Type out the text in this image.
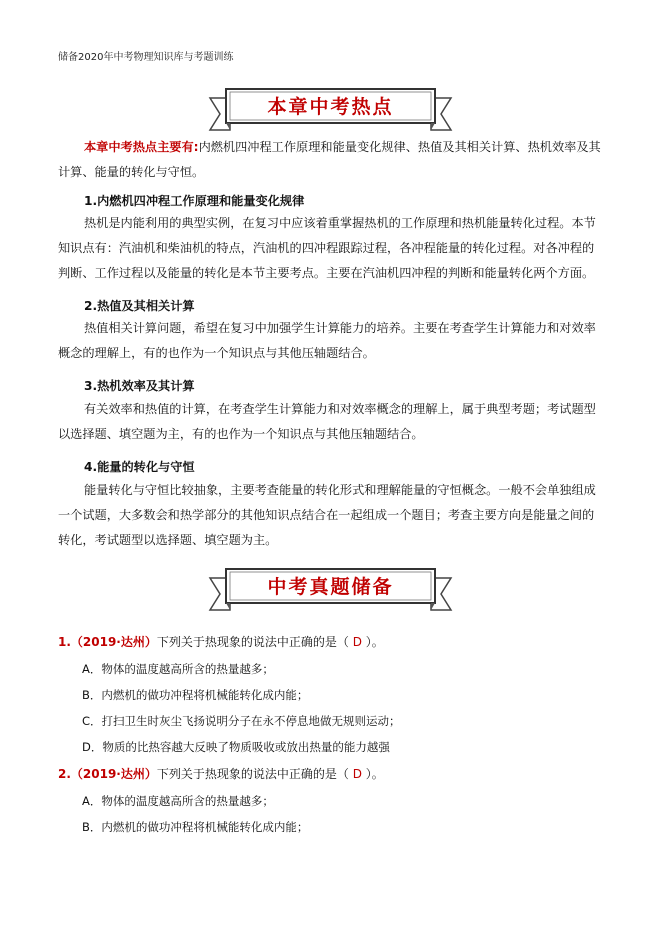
储备2020年中考物理知识库与考题训练
本章中考热点
本章中考热点主要有:内燃机四冲程工作原理和能量变化规律、热值及其相关计算、热机效率及其计算、能量的转化与守恒。
1.内燃机四冲程工作原理和能量变化规律
热机是内能利用的典型实例，在复习中应该着重掌握热机的工作原理和热机能量转化过程。本节知识点有：汽油机和柴油机的特点，汽油机的四冲程跟踪过程，各冲程能量的转化过程。对各冲程的判断、工作过程以及能量的转化是本节主要考点。主要在汽油机四冲程的判断和能量转化两个方面。
2.热值及其相关计算
热值相关计算问题，希望在复习中加强学生计算能力的培养。主要在考查学生计算能力和对效率概念的理解上，有的也作为一个知识点与其他压轴题结合。
3.热机效率及其计算
有关效率和热值的计算，在考查学生计算能力和对效率概念的理解上，属于典型考题；考试题型以选择题、填空题为主，有的也作为一个知识点与其他压轴题结合。
4.能量的转化与守恒
能量转化与守恒比较抽象，主要考查能量的转化形式和理解能量的守恒概念。一般不会单独组成一个试题，大多数会和热学部分的其他知识点结合在一起组成一个题目；考查主要方向是能量之间的转化，考试题型以选择题、填空题为主。
中考真题储备
1.（2019·达州）下列关于热现象的说法中正确的是（ D ）。
A．物体的温度越高所含的热量越多；
B．内燃机的做功冲程将机械能转化成内能；
C．打扫卫生时灰尘飞扬说明分子在永不停息地做无规则运动；
D．物质的比热容越大反映了物质吸收或放出热量的能力越强
2.（2019·达州）下列关于热现象的说法中正确的是（ D ）。
A．物体的温度越高所含的热量越多；
B．内燃机的做功冲程将机械能转化成内能；
